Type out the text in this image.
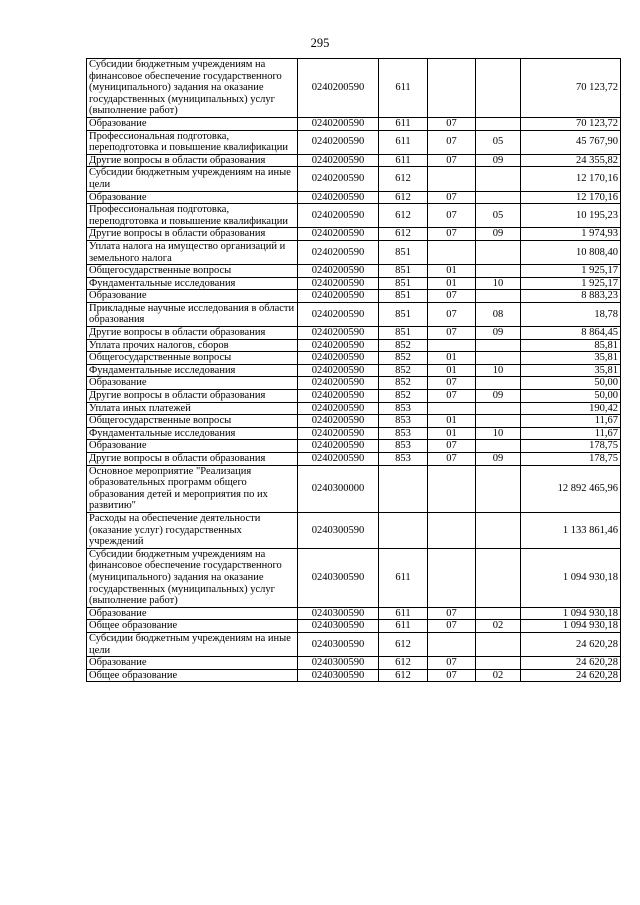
295
Субсидии бюджетным учреждениям на финансовое обеспечение государственного (муниципального) задания на оказание государственных (муниципальных) услуг (выполнение работ)	0240200590	611			70 123,72
Образование	0240200590	611	07		70 123,72
Профессиональная подготовка, переподготовка и повышение квалификации	0240200590	611	07	05	45 767,90
Другие вопросы в области образования	0240200590	611	07	09	24 355,82
Субсидии бюджетным учреждениям на иные цели	0240200590	612			12 170,16
Образование	0240200590	612	07		12 170,16
Профессиональная подготовка, переподготовка и повышение квалификации	0240200590	612	07	05	10 195,23
Другие вопросы в области образования	0240200590	612	07	09	1 974,93
Уплата налога на имущество организаций и земельного налога	0240200590	851			10 808,40
Общегосударственные вопросы	0240200590	851	01		1 925,17
Фундаментальные исследования	0240200590	851	01	10	1 925,17
Образование	0240200590	851	07		8 883,23
Прикладные научные исследования в области образования	0240200590	851	07	08	18,78
Другие вопросы в области образования	0240200590	851	07	09	8 864,45
Уплата прочих налогов, сборов	0240200590	852			85,81
Общегосударственные вопросы	0240200590	852	01		35,81
Фундаментальные исследования	0240200590	852	01	10	35,81
Образование	0240200590	852	07		50,00
Другие вопросы в области образования	0240200590	852	07	09	50,00
Уплата иных платежей	0240200590	853			190,42
Общегосударственные вопросы	0240200590	853	01		11,67
Фундаментальные исследования	0240200590	853	01	10	11,67
Образование	0240200590	853	07		178,75
Другие вопросы в области образования	0240200590	853	07	09	178,75
Основное мероприятие "Реализация образовательных программ общего образования детей и мероприятия по их развитию"	0240300000				12 892 465,96
Расходы на обеспечение деятельности (оказание услуг) государственных учреждений	0240300590				1 133 861,46
Субсидии бюджетным учреждениям на финансовое обеспечение государственного (муниципального) задания на оказание государственных (муниципальных) услуг (выполнение работ)	0240300590	611			1 094 930,18
Образование	0240300590	611	07		1 094 930,18
Общее образование	0240300590	611	07	02	1 094 930,18
Субсидии бюджетным учреждениям на иные цели	0240300590	612			24 620,28
Образование	0240300590	612	07		24 620,28
Общее образование	0240300590	612	07	02	24 620,28
